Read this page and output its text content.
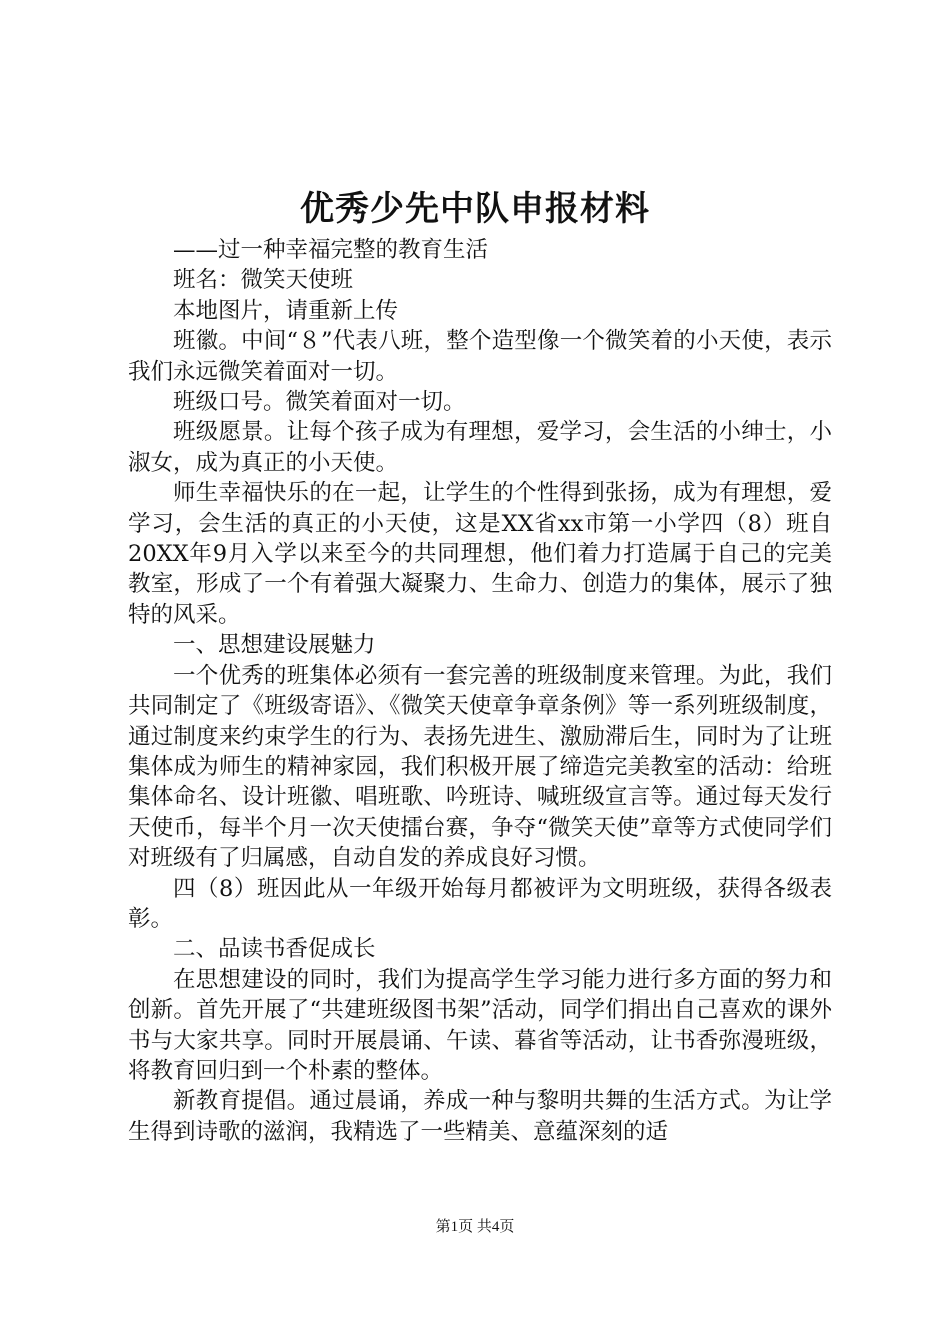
优秀少先中队申报材料

——过一种幸福完整的教育生活

班名：微笑天使班

本地图片，请重新上传

班徽。中间“８”代表八班，整个造型像一个微笑着的小天使，表示我们永远微笑着面对一切。

班级口号。微笑着面对一切。

班级愿景。让每个孩子成为有理想，爱学习，会生活的小绅士，小淑女，成为真正的小天使。

师生幸福快乐的在一起，让学生的个性得到张扬，成为有理想，爱学习，会生活的真正的小天使，这是XX省xx市第一小学四（8）班自20XX年9月入学以来至今的共同理想，他们着力打造属于自己的完美教室，形成了一个有着强大凝聚力、生命力、创造力的集体，展示了独特的风采。

一、思想建设展魅力

一个优秀的班集体必须有一套完善的班级制度来管理。为此，我们共同制定了《班级寄语》、《微笑天使章争章条例》等一系列班级制度，通过制度来约束学生的行为、表扬先进生、激励滞后生，同时为了让班集体成为师生的精神家园，我们积极开展了缔造完美教室的活动：给班集体命名、设计班徽、唱班歌、吟班诗、喊班级宣言等。通过每天发行天使币，每半个月一次天使擂台赛，争夺“微笑天使”章等方式使同学们对班级有了归属感，自动自发的养成良好习惯。

四（8）班因此从一年级开始每月都被评为文明班级，获得各级表彰。

二、品读书香促成长

在思想建设的同时，我们为提高学生学习能力进行多方面的努力和创新。首先开展了“共建班级图书架”活动，同学们捐出自己喜欢的课外书与大家共享。同时开展晨诵、午读、暮省等活动，让书香弥漫班级，将教育回归到一个朴素的整体。

新教育提倡。通过晨诵，养成一种与黎明共舞的生活方式。为让学生得到诗歌的滋润，我精选了一些精美、意蕴深刻的适

第1页 共4页
